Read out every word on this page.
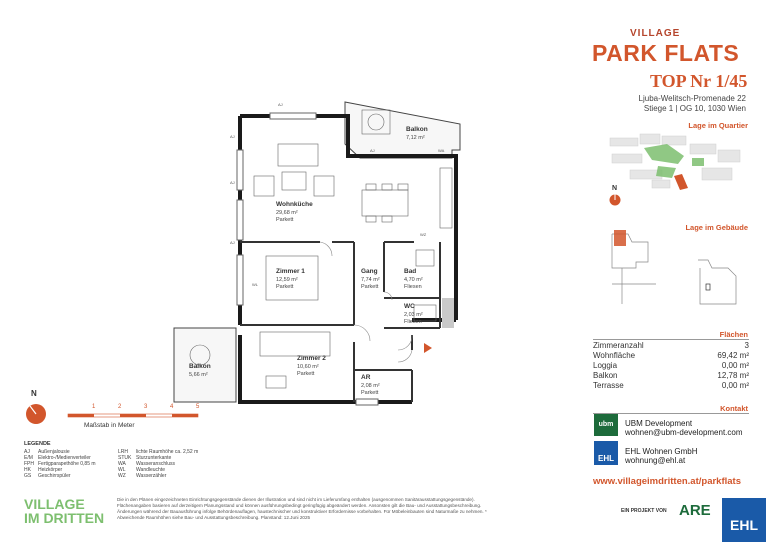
VILLAGE
PARK FLATS
TOP Nr 1/45
Ljuba-Welitsch-Promenade 22
Stiege 1 | OG 10, 1030 Wien
Lage im Quartier
N
Lage im Gebäude
Flächen
Zimmeranzahl	3
Wohnfläche	69,42 m²
Loggia	0,00 m²
Balkon	12,78 m²
Terrasse	0,00 m²
Kontakt
ubm	UBM Development
wohnen@ubm-development.com
EHL
EHL Wohnen GmbH
wohnung@ehl.at
www.villageimdritten.at/parkflats
EIN PROJEKT VON ARE
EHL
VILLAGE
IM DRITTEN
Die in den Plänen eingezeichneten Einrichtungsgegenstände dienen der Illustration und sind nicht im Lieferumfang enthalten (ausgenommen Sanitärausstattungsgegenstände). Flächenangaben basieren auf derzeitigem Planungsstand und können ausführungsbedingt geringfügig abgeändert werden. Ansonsten gilt die Bau- und Ausstattungsbeschreibung. Änderungen während der Bauausführung infolge Behördenauflagen, haustechnischer und konstruktiver Erfordernisse vorbehalten. Für Möbeleinbauten sind Naturmaße zu nehmen. * Abweichende Raumhöhen siehe Bau- und Ausstattungsbeschreibung. Planstand: 12.Juni 2025
LEGENDE
AJ Außenjalousie
E/M Elektro-/Medienverteiler
FPH Fertigparapethöhe 0,85 m
HK Heizkörper
GS Geschirrspüler
LRH lichte Raumhöhe ca. 2,52 m
STUK Sturzunterkante
WA Wasseranschluss
WL Wandleuchte
WZ Wasserzähler
N
1	2	3	4	5
Maßstab in Meter
Balkon
7,12 m²
Wohnküche
29,68 m²
Parkett
Zimmer 1
12,59 m²
Parkett
Gang
7,74 m²
Parkett
Bad
4,70 m²
Fliesen
WC
2,03 m²
Fliesen
Zimmer 2
10,60 m²
Parkett	AR
2,08 m²
Parkett
Balkon
5,66 m²
AJ
AJ
AJ
AJ
AJ
WL
WA
WZ
